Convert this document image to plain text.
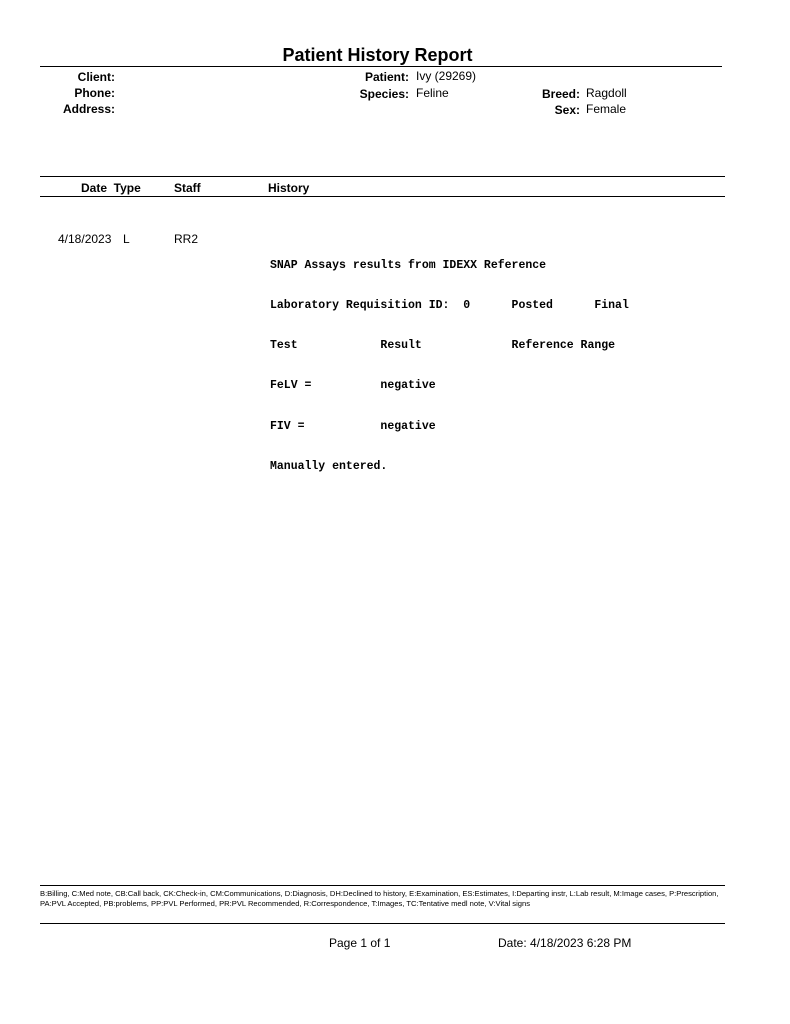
Patient History Report
Client:
Phone:
Address:
Patient: Ivy (29269)
Species: Feline	Breed: Ragdoll
Sex: Female
Date  Type	Staff	History
4/18/2023 L	RR2

SNAP Assays results from IDEXX Reference

Laboratory Requisition ID:  0      Posted      Final

Test            Result             Reference Range

FeLV =          negative

FIV =           negative

Manually entered.

B:Billing, C:Med note, CB:Call back, CK:Check-in, CM:Communications, D:Diagnosis, DH:Declined to history, E:Examination, ES:Estimates, I:Departing instr, L:Lab result, M:Image cases, P:Prescription, PA:PVL Accepted, PB:problems, PP:PVL Performed, PR:PVL Recommended, R:Correspondence, T:Images, TC:Tentative medl note, V:Vital signs
Page 1 of 1	Date: 4/18/2023 6:28 PM
